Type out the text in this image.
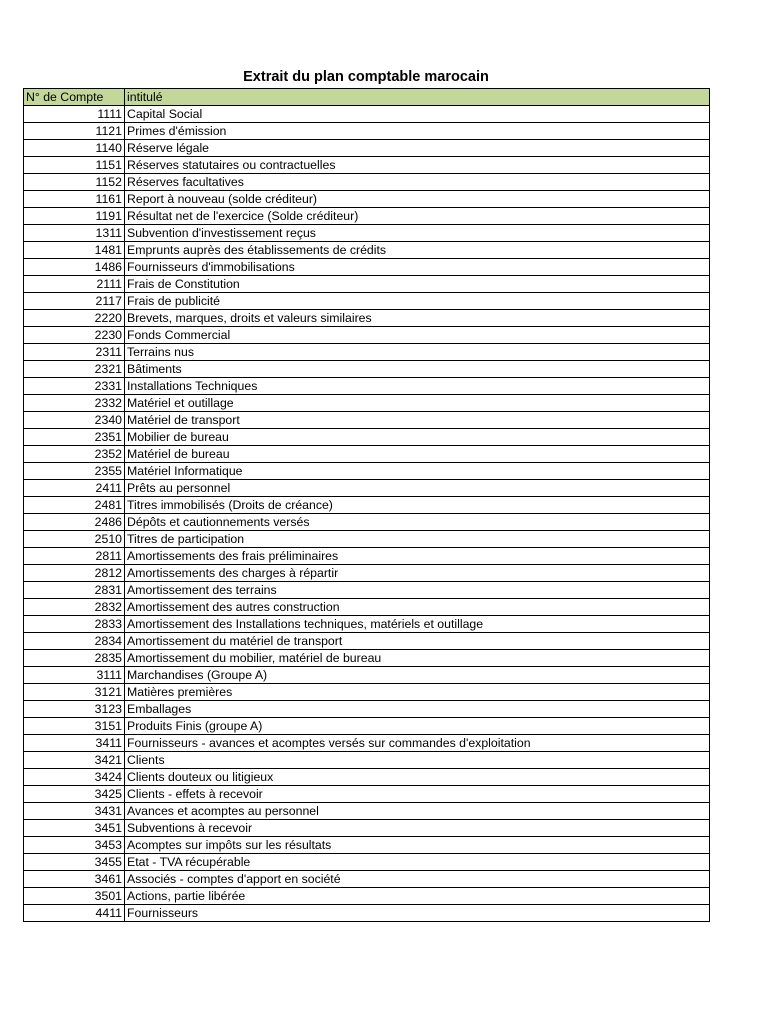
Extrait du plan comptable marocain
N° de Compte	intitulé
1111	Capital Social
1121	Primes d'émission
1140	Réserve légale
1151	Réserves statutaires ou contractuelles
1152	Réserves facultatives
1161	Report à nouveau (solde créditeur)
1191	Résultat net de l'exercice (Solde créditeur)
1311	Subvention d'investissement reçus
1481	Emprunts auprès des établissements de crédits
1486	Fournisseurs d'immobilisations
2111	Frais de Constitution
2117	Frais de publicité
2220	Brevets, marques, droits et valeurs similaires
2230	Fonds Commercial
2311	Terrains nus
2321	Bâtiments
2331	Installations Techniques
2332	Matériel et outillage
2340	Matériel de transport
2351	Mobilier de bureau
2352	Matériel de bureau
2355	Matériel Informatique
2411	Prêts au personnel
2481	Titres immobilisés (Droits de créance)
2486	Dépôts et cautionnements versés
2510	Titres de participation
2811	Amortissements des frais préliminaires
2812	Amortissements des charges à répartir
2831	Amortissement des terrains
2832	Amortissement des autres construction
2833	Amortissement des Installations techniques, matériels et outillage
2834	Amortissement du matériel de transport
2835	Amortissement du mobilier, matériel de bureau
3111	Marchandises (Groupe A)
3121	Matières premières
3123	Emballages
3151	Produits Finis (groupe A)
3411	Fournisseurs - avances et acomptes versés sur commandes d'exploitation
3421	Clients
3424	Clients douteux ou litigieux
3425	Clients - effets à recevoir
3431	Avances et acomptes au personnel
3451	Subventions à recevoir
3453	Acomptes sur impôts sur les résultats
3455	Etat - TVA récupérable
3461	Associés - comptes d'apport en société
3501	Actions, partie libérée
4411	Fournisseurs
